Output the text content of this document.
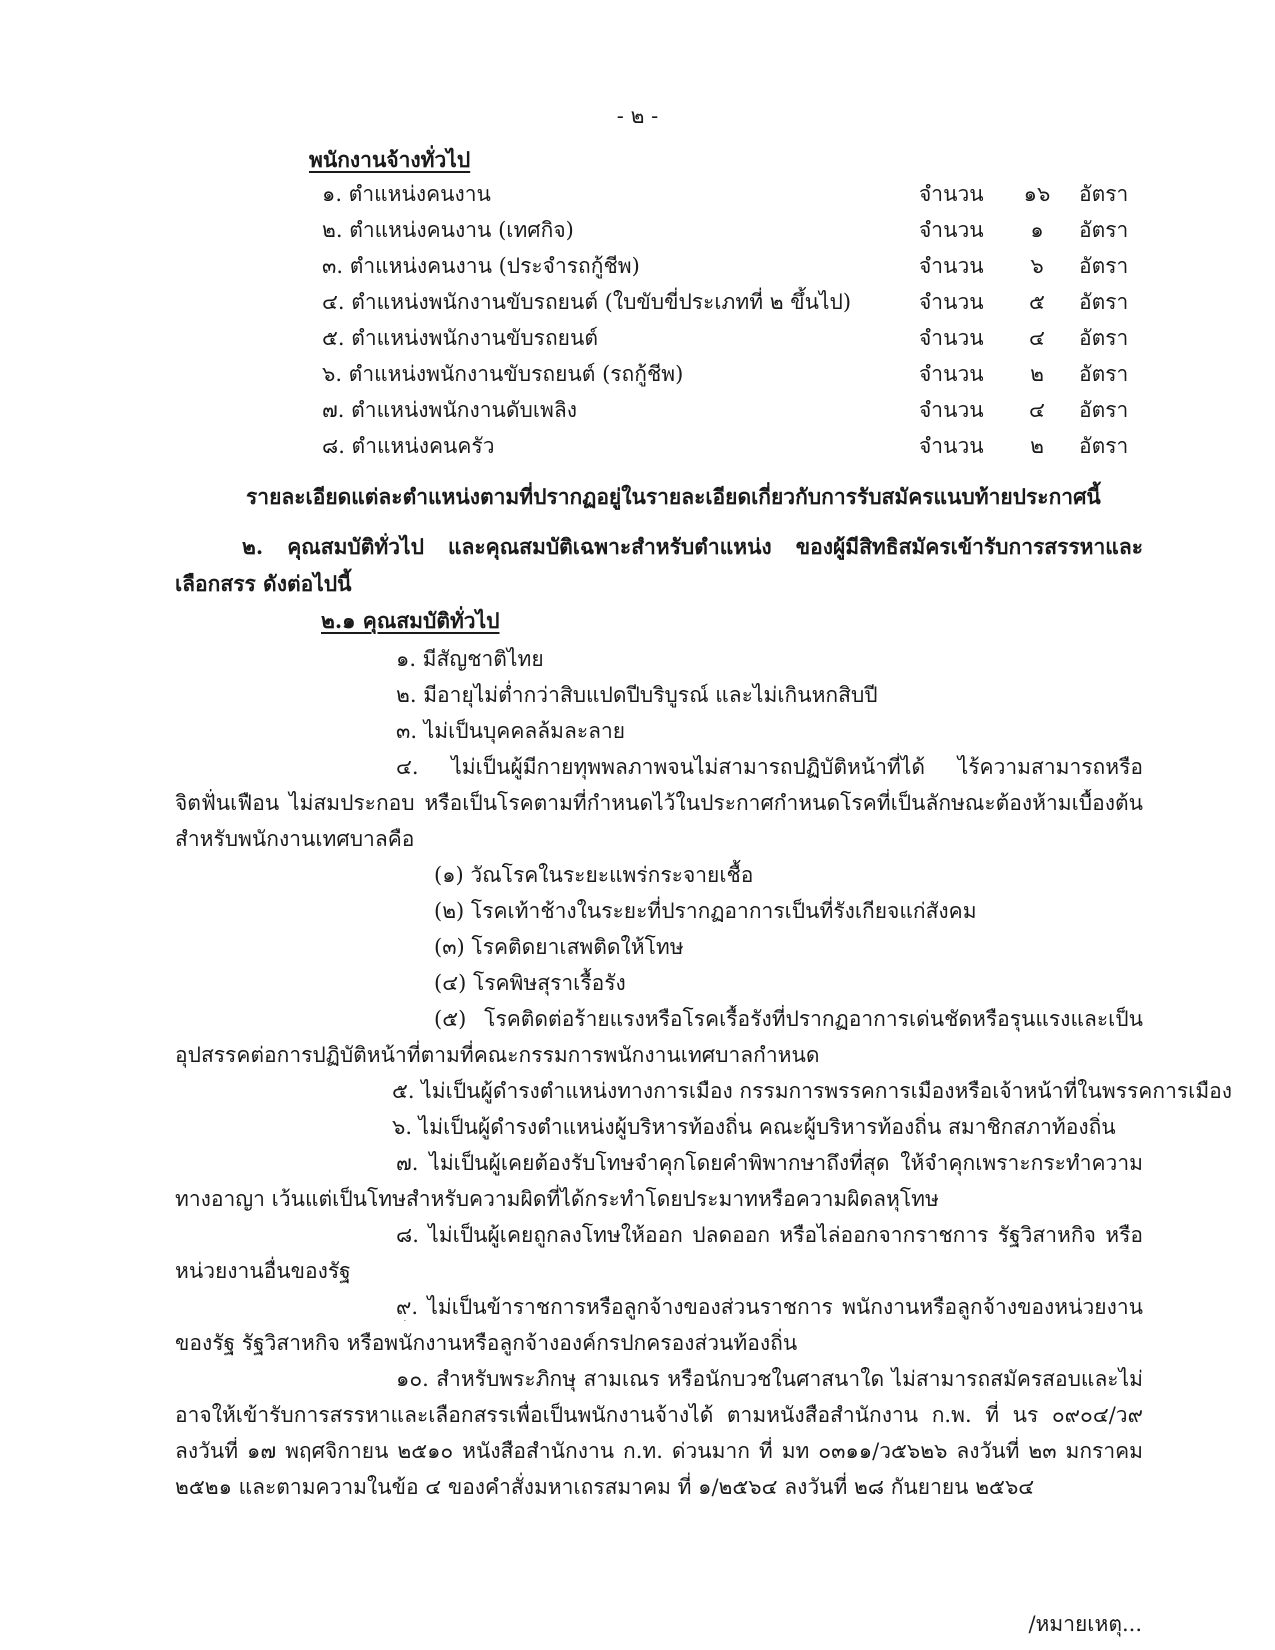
- ๒ -
พนักงานจ้างทั่วไป
๑. ตำแหน่งคนงาน	จำนวน	๑๖	อัตรา
๒. ตำแหน่งคนงาน (เทศกิจ)	จำนวน	๑	อัตรา
๓. ตำแหน่งคนงาน (ประจำรถกู้ชีพ)	จำนวน	๖	อัตรา
๔. ตำแหน่งพนักงานขับรถยนต์ (ใบขับขี่ประเภทที่ ๒ ขึ้นไป)	จำนวน	๕	อัตรา
๕. ตำแหน่งพนักงานขับรถยนต์	จำนวน	๔	อัตรา
๖. ตำแหน่งพนักงานขับรถยนต์ (รถกู้ชีพ)	จำนวน	๒	อัตรา
๗. ตำแหน่งพนักงานดับเพลิง	จำนวน	๔	อัตรา
๘. ตำแหน่งคนครัว	จำนวน	๒	อัตรา
รายละเอียดแต่ละตำแหน่งตามที่ปรากฏอยู่ในรายละเอียดเกี่ยวกับการรับสมัครแนบท้ายประกาศนี้
๒. คุณสมบัติทั่วไป และคุณสมบัติเฉพาะสำหรับตำแหน่ง ของผู้มีสิทธิสมัครเข้ารับการสรรหาและ
เลือกสรร ดังต่อไปนี้
๒.๑ คุณสมบัติทั่วไป
๑. มีสัญชาติไทย
๒. มีอายุไม่ต่ำกว่าสิบแปดปีบริบูรณ์ และไม่เกินหกสิบปี
๓. ไม่เป็นบุคคลล้มละลาย
๔. ไม่เป็นผู้มีกายทุพพลภาพจนไม่สามารถปฏิบัติหน้าที่ได้ ไร้ความสามารถหรือ
จิตฟั่นเฟือน ไม่สมประกอบ หรือเป็นโรคตามที่กำหนดไว้ในประกาศกำหนดโรคที่เป็นลักษณะต้องห้ามเบื้องต้น
สำหรับพนักงานเทศบาลคือ
(๑) วัณโรคในระยะแพร่กระจายเชื้อ
(๒) โรคเท้าช้างในระยะที่ปรากฏอาการเป็นที่รังเกียจแก่สังคม
(๓) โรคติดยาเสพติดให้โทษ
(๔) โรคพิษสุราเรื้อรัง
(๕) โรคติดต่อร้ายแรงหรือโรคเรื้อรังที่ปรากฏอาการเด่นชัดหรือรุนแรงและเป็น
อุปสรรคต่อการปฏิบัติหน้าที่ตามที่คณะกรรมการพนักงานเทศบาลกำหนด
๕. ไม่เป็นผู้ดำรงตำแหน่งทางการเมือง กรรมการพรรคการเมืองหรือเจ้าหน้าที่ในพรรคการเมือง
๖. ไม่เป็นผู้ดำรงตำแหน่งผู้บริหารท้องถิ่น คณะผู้บริหารท้องถิ่น สมาชิกสภาท้องถิ่น
๗. ไม่เป็นผู้เคยต้องรับโทษจำคุกโดยคำพิพากษาถึงที่สุด ให้จำคุกเพราะกระทำความ
ทางอาญา เว้นแต่เป็นโทษสำหรับความผิดที่ได้กระทำโดยประมาทหรือความผิดลหุโทษ
๘. ไม่เป็นผู้เคยถูกลงโทษให้ออก ปลดออก หรือไล่ออกจากราชการ รัฐวิสาหกิจ หรือ
หน่วยงานอื่นของรัฐ
๙. ไม่เป็นข้าราชการหรือลูกจ้างของส่วนราชการ พนักงานหรือลูกจ้างของหน่วยงาน
ของรัฐ รัฐวิสาหกิจ หรือพนักงานหรือลูกจ้างองค์กรปกครองส่วนท้องถิ่น
๑๐. สำหรับพระภิกษุ สามเณร หรือนักบวชในศาสนาใด ไม่สามารถสมัครสอบและไม่
อาจให้เข้ารับการสรรหาและเลือกสรรเพื่อเป็นพนักงานจ้างได้ ตามหนังสือสำนักงาน ก.พ. ที่ นร ๐๙๐๔/ว๙
ลงวันที่ ๑๗ พฤศจิกายน ๒๕๑๐ หนังสือสำนักงาน ก.ท. ด่วนมาก ที่ มท ๐๓๑๑/ว๕๖๒๖ ลงวันที่ ๒๓ มกราคม
๒๕๒๑ และตามความในข้อ ๔ ของคำสั่งมหาเถรสมาคม ที่ ๑/๒๕๖๔ ลงวันที่ ๒๘ กันยายน ๒๕๖๔
/หมายเหตุ...
